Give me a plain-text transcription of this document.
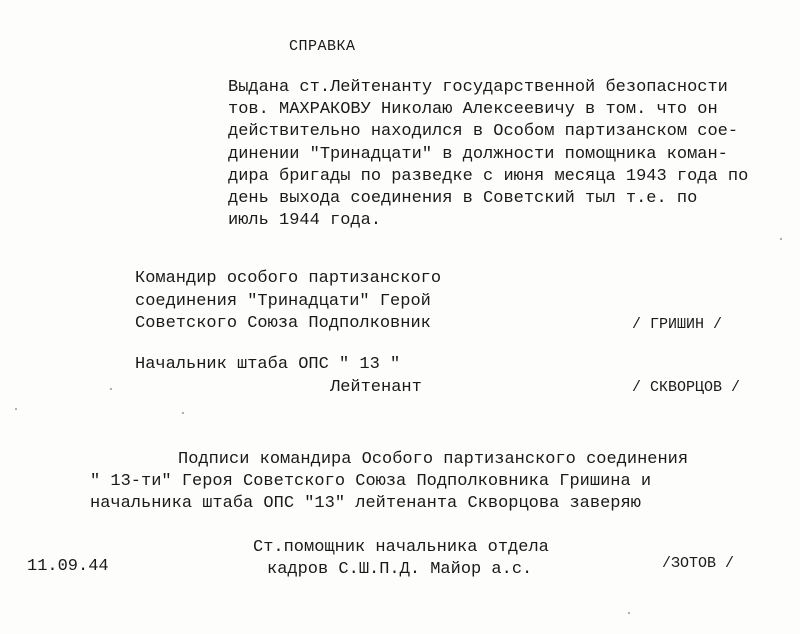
СПРАВКА
Выдана ст.Лейтенанту государственной безопасности
тов. МАХРАКОВУ Николаю Алексеевичу в том. что он
действительно находился в Особом партизанском сое-
динении "Тринадцати" в должности помощника коман-
дира бригады по разведке с июня месяца 1943 года по
день выхода соединения в Советский тыл т.е. по
июль 1944 года.
Командир особого партизанского
соединения "Тринадцати" Герой
Советского Союза Подполковник	/ ГРИШИН /
Начальник штаба ОПС " 13 "
Лейтенант	/ СКВОРЦОВ /
Подписи командира Особого партизанского соединения
" 13-ти" Героя Советского Союза Подполковника Гришина и
начальника штаба ОПС "13" лейтенанта Скворцова заверяю
Ст.помощник начальника отдела
11.09.44	кадров С.Ш.П.Д. Майор а.с.	/ЗОТОВ /
